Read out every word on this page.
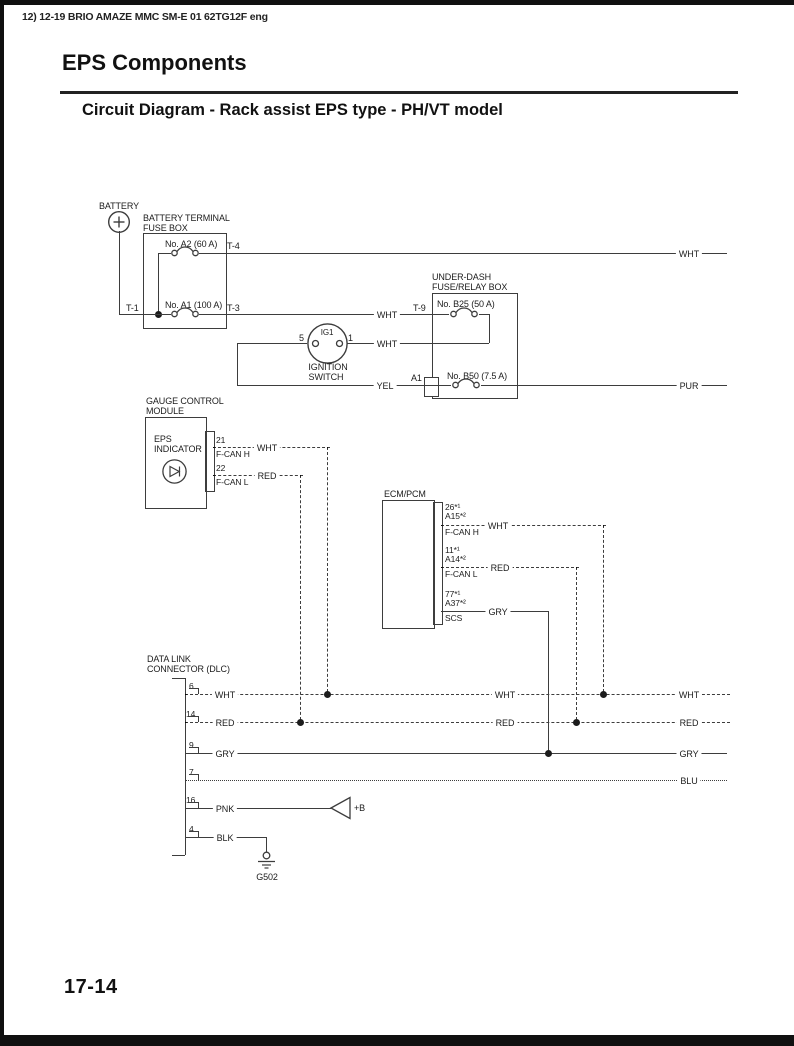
12) 12-19 BRIO AMAZE MMC SM-E 01 62TG12F eng
EPS Components
Circuit Diagram - Rack assist EPS type - PH/VT model
17-14
BATTERY
BATTERY TERMINAL
FUSE BOX
No. A2 (60 A) T-4
T-1	T-3
No. A1 (100 A)
UNDER-DASH
FUSE/RELAY BOX
T-9 No. B25 (50 A)
A1	No. B50 (7.5 A)
IG1
5	1
IGNITION
SWITCH
WHT
WHT
WHT
YEL	PUR
GAUGE CONTROL
MODULE
EPS
INDICATOR
21
F-CAN H
WHT
22
F-CAN L
RED
ECM/PCM
26*¹
A15*²
F-CAN H
WHT
11*¹
A14*²
F-CAN L
RED
77*¹
A37*²
SCS
GRY
DATA LINK
CONNECTOR (DLC)
6
WHT	WHT	WHT
14
RED	RED	RED
9
GRY	GRY
7
BLU
16
PNK	+B
4
BLK
G502
